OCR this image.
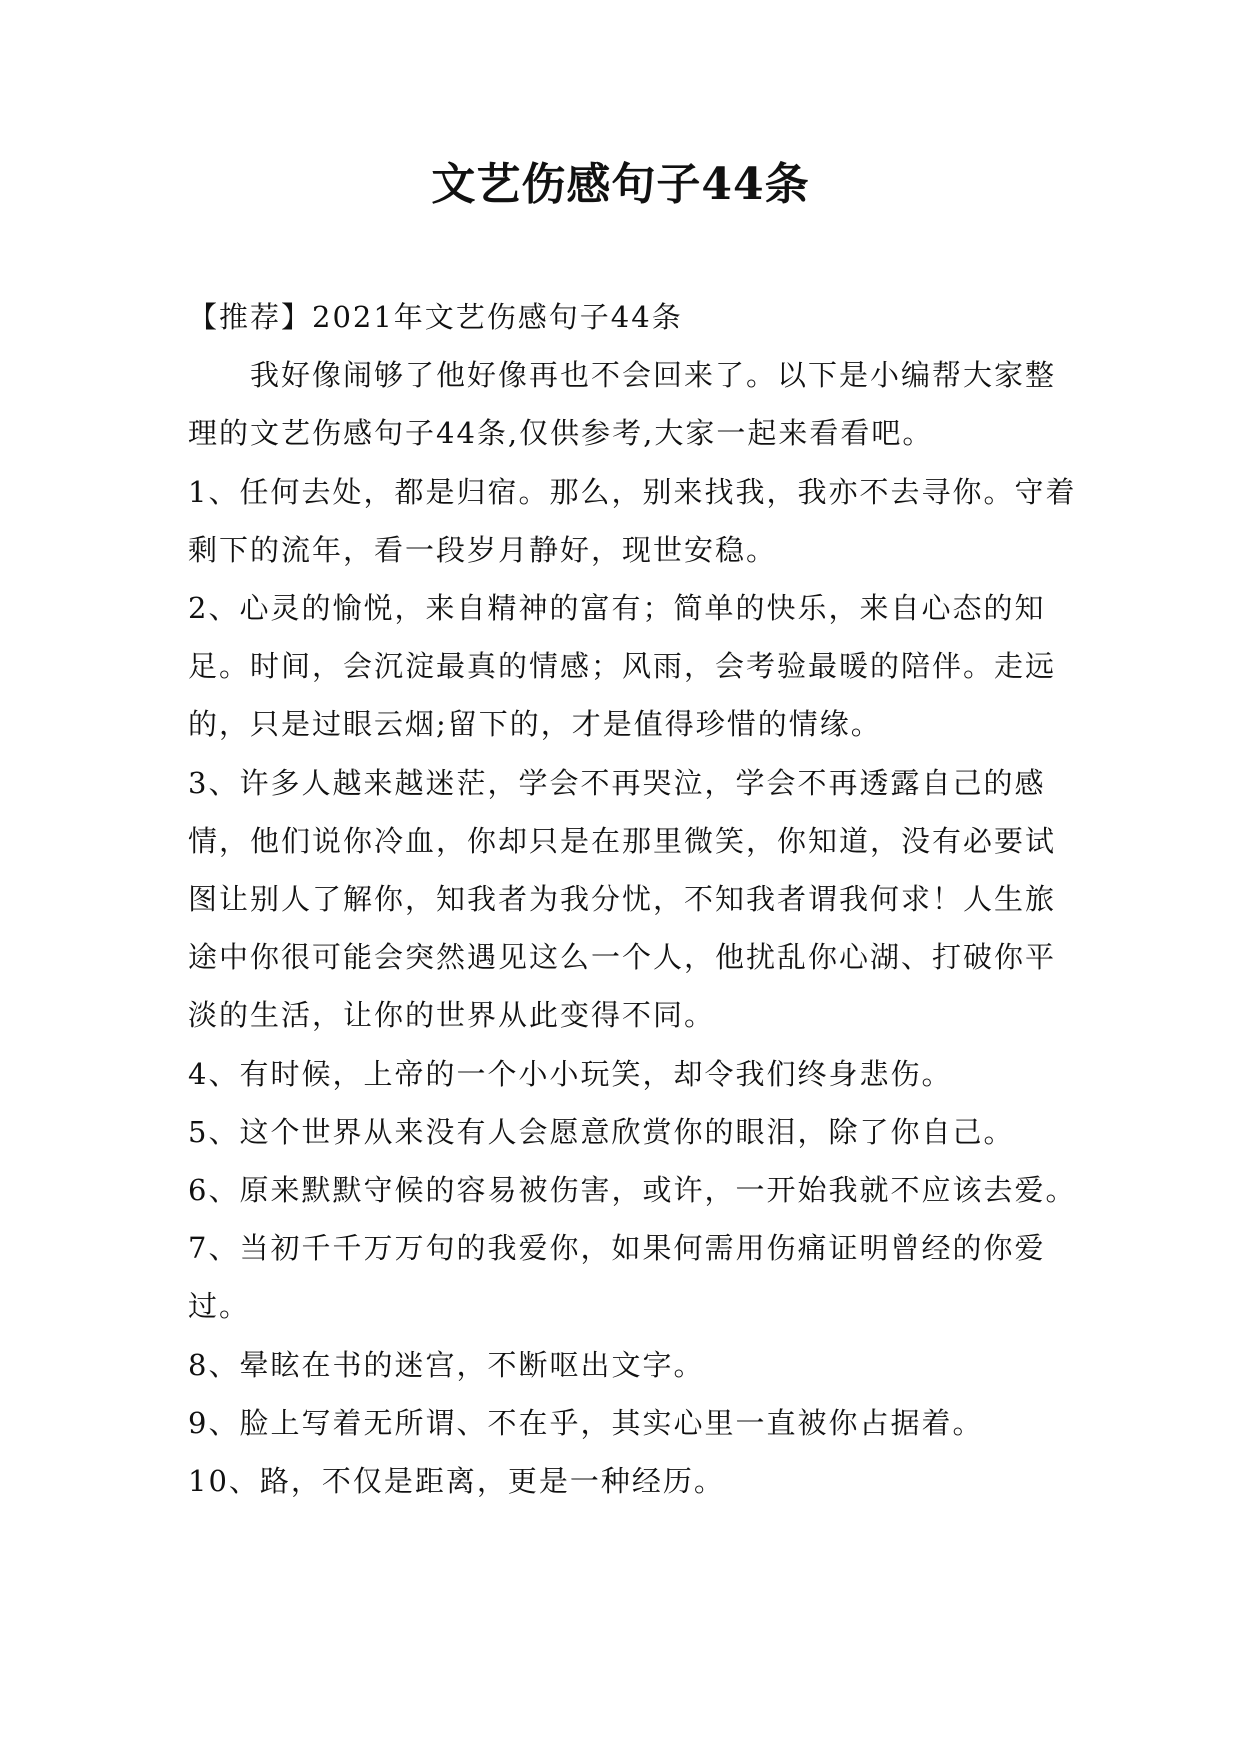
文艺伤感句子44条

【推荐】2021年文艺伤感句子44条

我好像闹够了他好像再也不会回来了。以下是小编帮大家整理的文艺伤感句子44条,仅供参考,大家一起来看看吧。

1、任何去处，都是归宿。那么，别来找我，我亦不去寻你。守着剩下的流年，看一段岁月静好，现世安稳。

2、心灵的愉悦，来自精神的富有；简单的快乐，来自心态的知足。时间，会沉淀最真的情感；风雨，会考验最暖的陪伴。走远的，只是过眼云烟;留下的，才是值得珍惜的情缘。

3、许多人越来越迷茫，学会不再哭泣，学会不再透露自己的感情，他们说你冷血，你却只是在那里微笑，你知道，没有必要试图让别人了解你，知我者为我分忧，不知我者谓我何求！人生旅途中你很可能会突然遇见这么一个人，他扰乱你心湖、打破你平淡的生活，让你的世界从此变得不同。

4、有时候，上帝的一个小小玩笑，却令我们终身悲伤。

5、这个世界从来没有人会愿意欣赏你的眼泪，除了你自己。

6、原来默默守候的容易被伤害，或许，一开始我就不应该去爱。

7、当初千千万万句的我爱你，如果何需用伤痛证明曾经的你爱过。

8、晕眩在书的迷宫，不断呕出文字。

9、脸上写着无所谓、不在乎，其实心里一直被你占据着。

10、路，不仅是距离，更是一种经历。
